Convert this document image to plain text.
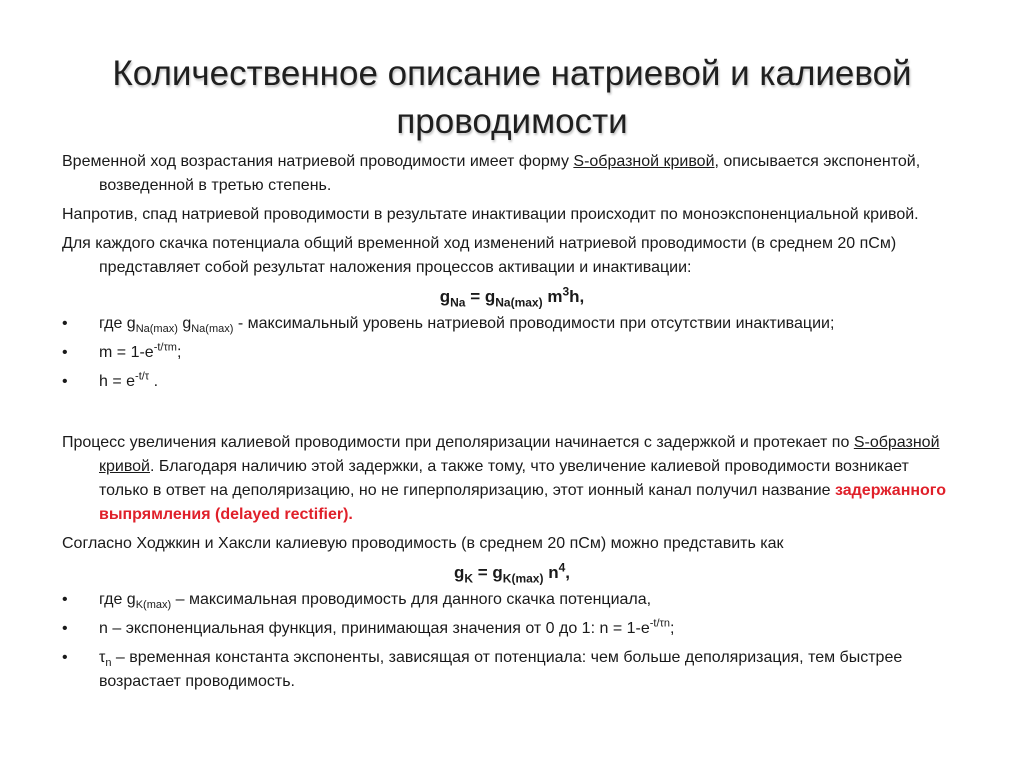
Количественное описание натриевой и калиевой
проводимости

Временной ход возрастания натриевой проводимости имеет форму S-образной кривой, описывается экспонентой, возведенной в третью степень.

Напротив, спад натриевой проводимости в результате инактивации происходит по моноэкспоненциальной кривой.

Для каждого скачка потенциала общий временной ход изменений натриевой проводимости (в среднем 20 пСм) представляет собой результат наложения процессов активации и инактивации:

$g_{Na} = g_{Na(max)}$ $m^3h$,
• где $g_{Na(max)}$ $g_{Na(max)}$ - максимальный уровень натриевой проводимости при отсутствии инактивации;
• $m = 1-e^{-t/\tau m}$;
• $h = e^{-t/\tau}$ .

Процесс увеличения калиевой проводимости при деполяризации начинается с задержкой и протекает по S-образной кривой. Благодаря наличию этой задержки, а также тому, что увеличение калиевой проводимости возникает только в ответ на деполяризацию, но не гиперполяризацию, этот ионный канал получил название задержанного выпрямления (delayed rectifier).

Согласно Ходжкин и Хаксли калиевую проводимость (в среднем 20 пСм) можно представить как

$g_K = g_{K(max)}$ $n^4$,
• где $g_{K(max)}$ – максимальная проводимость для данного скачка потенциала,
• n – экспоненциальная функция, принимающая значения от 0 до 1: $n = 1-e^{-t/\tau n}$;
• $\tau_n$ – временная константа экспоненты, зависящая от потенциала: чем больше деполяризация, тем быстрее возрастает проводимость.
